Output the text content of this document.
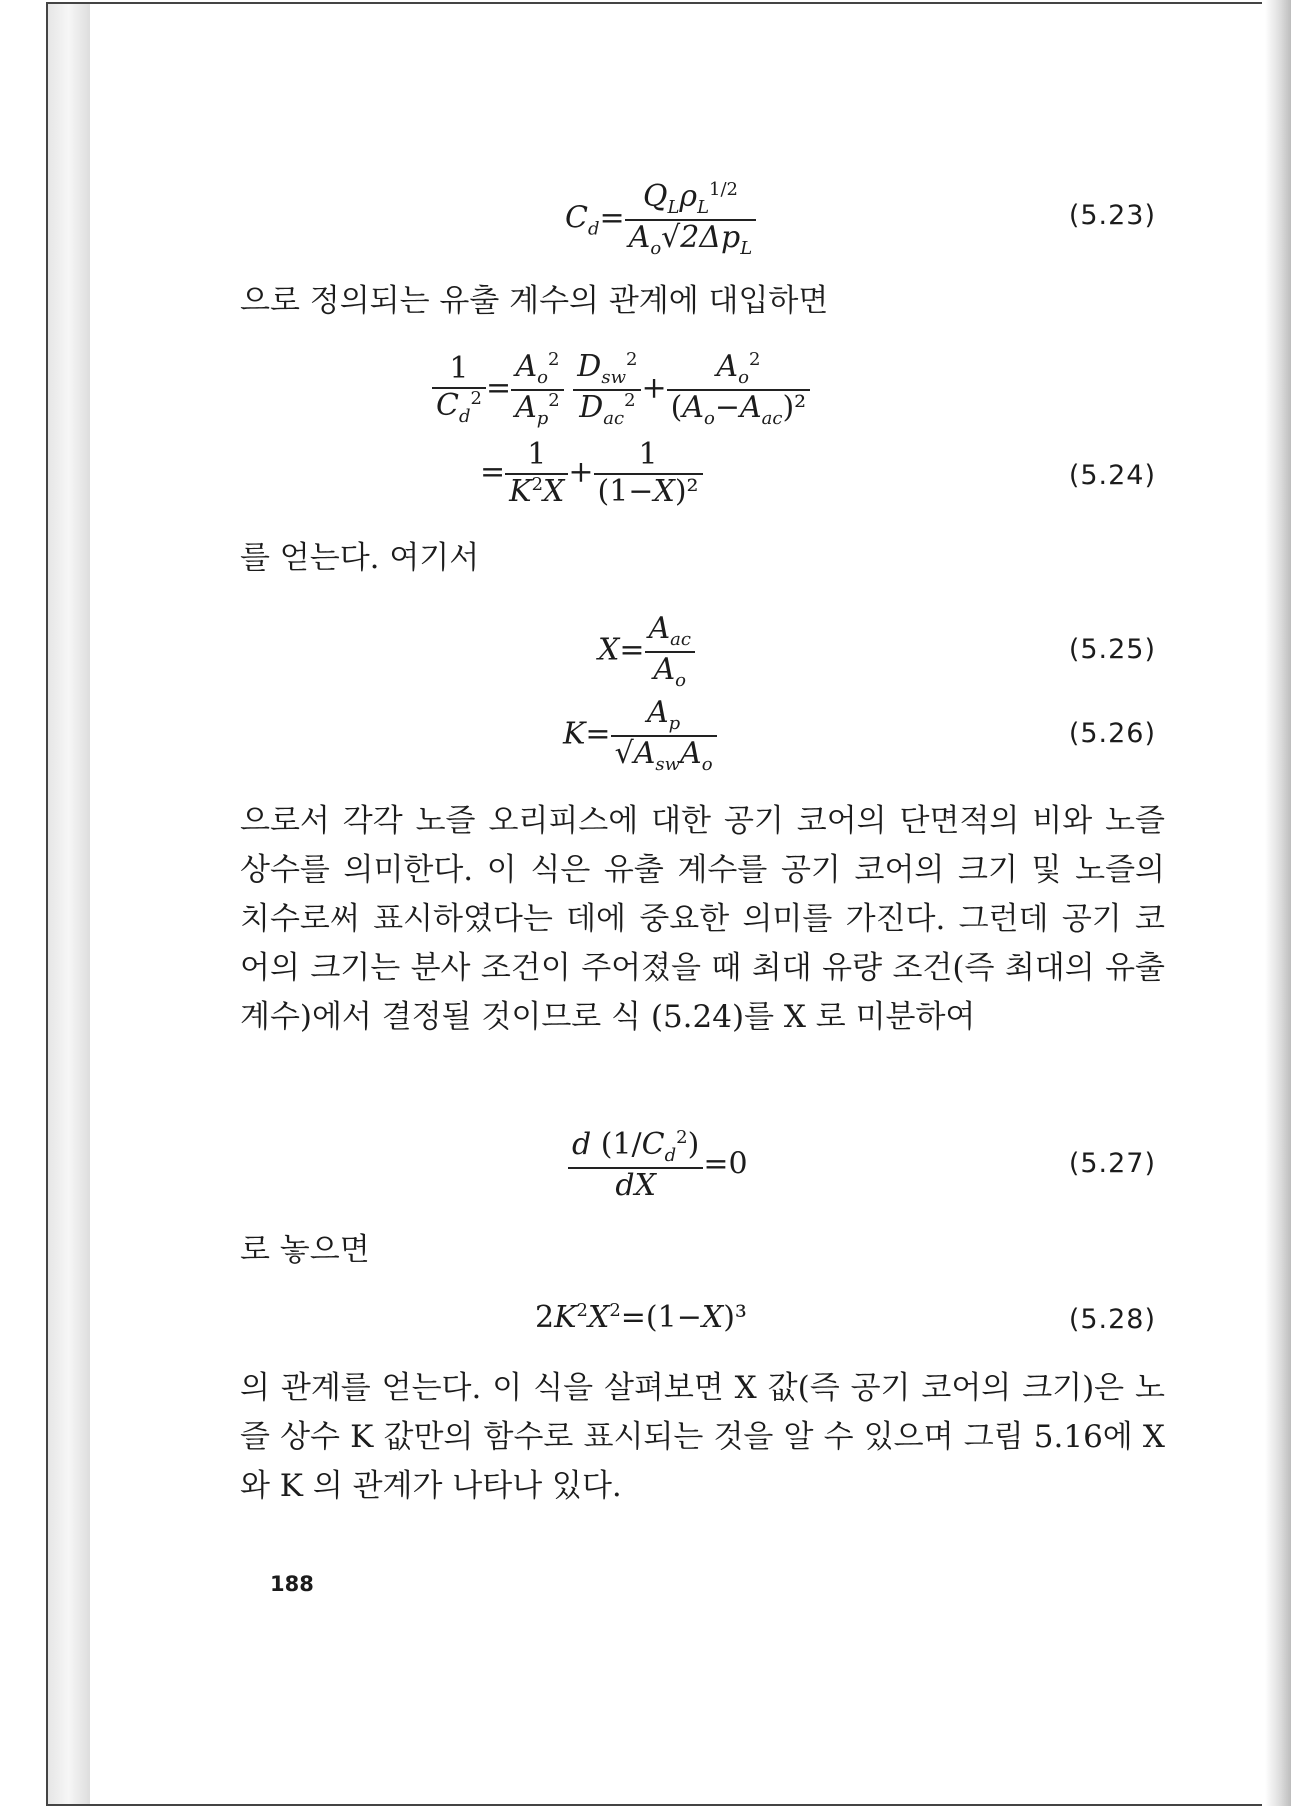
$C_d= \frac{Q_L\rho_L^{1/2}}{A_o√2\Delta p_L}$	(5.23)
으로 정의되는 유출 계수의 관계에 대입하면
$\frac{1}{C_d^2} = \frac{A_o^2}{A_p^2}$
$\frac{D_{sw}^2}{D_{ac}^2} + \frac{A_o^2}{(A_o-A_{ac})^2}$
= $\frac{1}{K^2X} + \frac{1}{\text{(1−X)²}}$	(5.24)
를 얻는다. 여기서
$X= \frac{A_{ac}}{A_o}$	(5.25)
$K= \frac{A_p}{√A_{sw}A_o}$	(5.26)
으로서 각각 노즐 오리피스에 대한 공기 코어의 단면적의 비와 노즐상수를 의미한다. 이 식은 유출 계수를 공기 코어의 크기 및 노즐의 치수로써 표시하였다는 데에 중요한 의미를 가진다. 그런데 공기 코어의 크기는 분사 조건이 주어졌을 때 최대 유량 조건(즉 최대의 유출 계수)에서 결정될 것이므로 식 (5.24)를 X 로 미분하여
$\frac{d (1/C_d^2)}{dX} =0$	(5.27)
로 놓으면
$2K^2X^2=(1-X)^3$	(5.28)
의 관계를 얻는다. 이 식을 살펴보면 X 값(즉 공기 코어의 크기)은 노즐 상수 K 값만의 함수로 표시되는 것을 알 수 있으며 그림 5.16에 X 와 K 의 관계가 나타나 있다.
188
